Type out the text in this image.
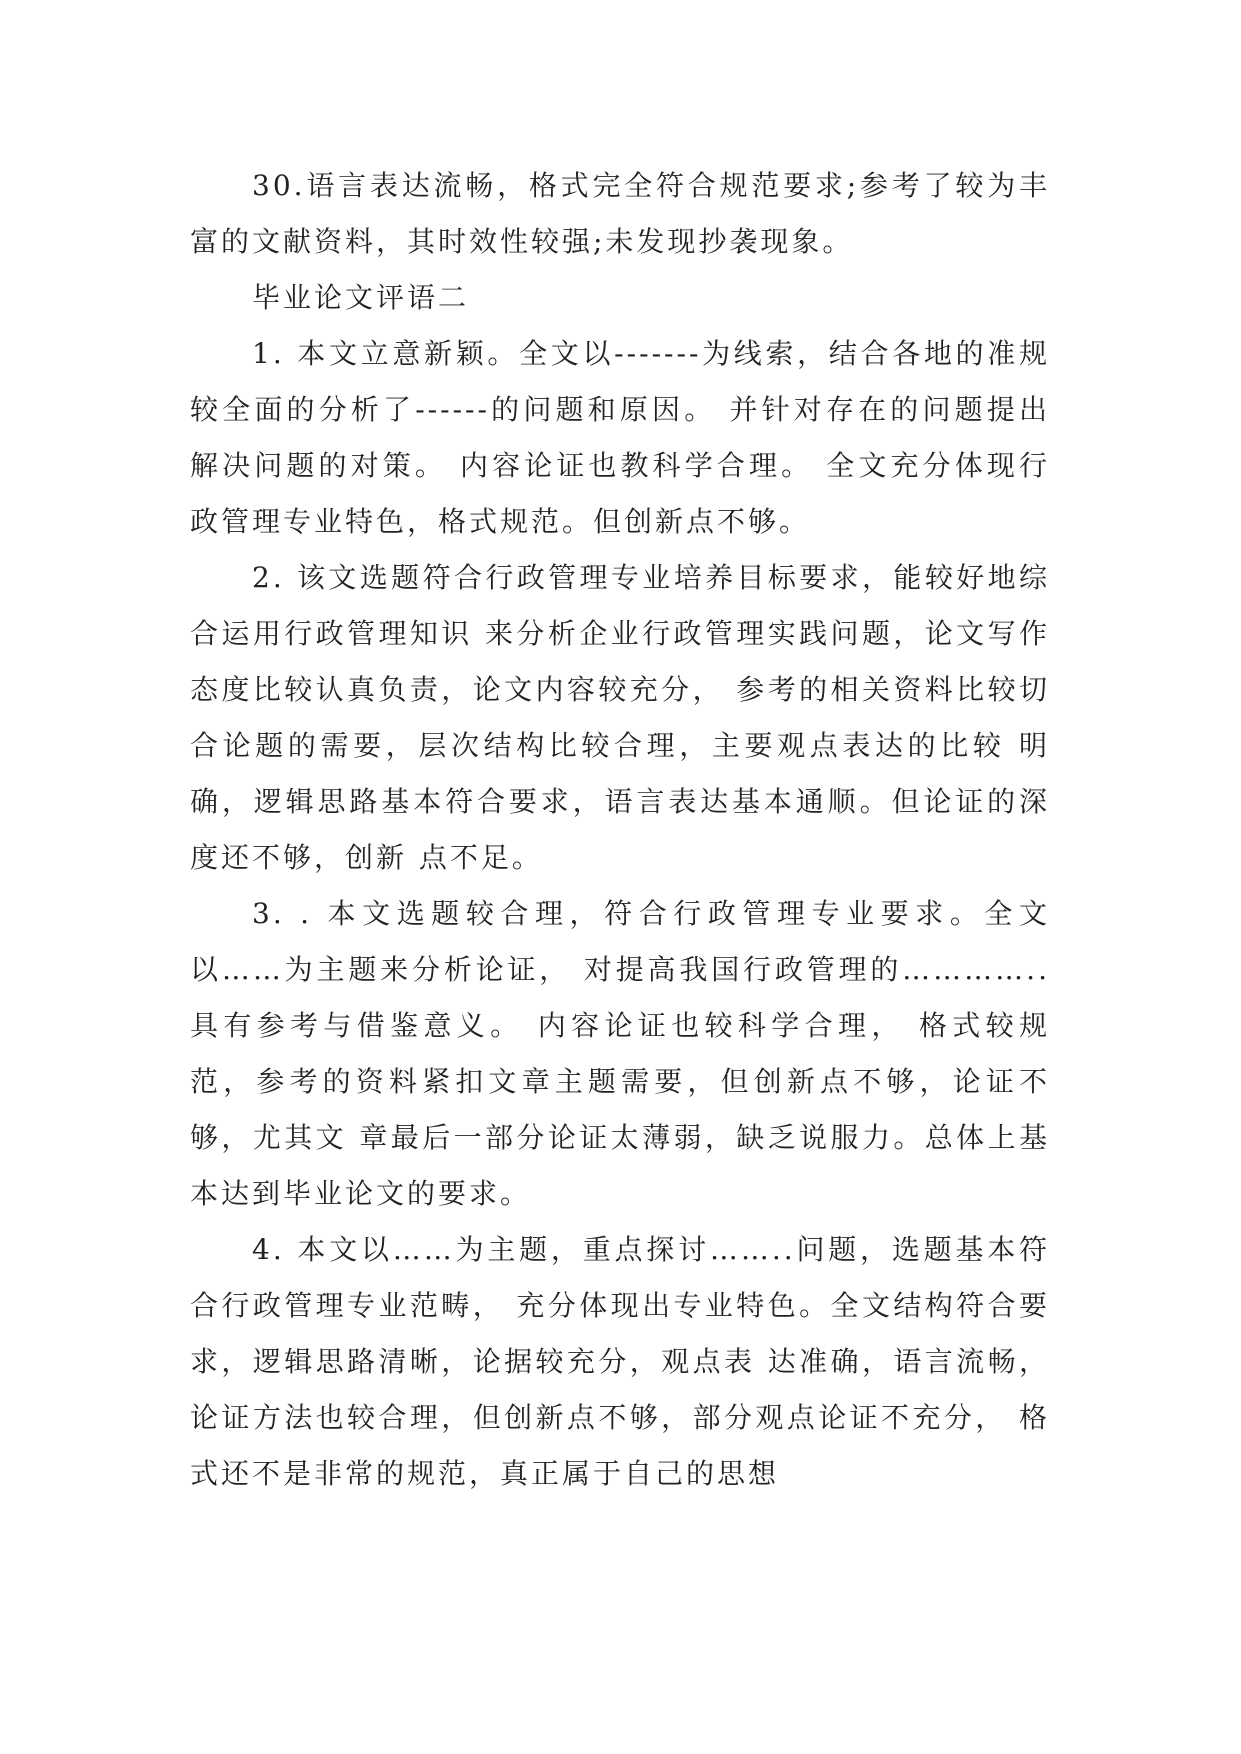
30.语言表达流畅，格式完全符合规范要求;参考了较为丰富的文献资料，其时效性较强;未发现抄袭现象。

毕业论文评语二

1. 本文立意新颖。全文以-------为线索，结合各地的准规较全面的分析了------的问题和原因。 并针对存在的问题提出解决问题的对策。 内容论证也教科学合理。 全文充分体现行政管理专业特色，格式规范。但创新点不够。

2. 该文选题符合行政管理专业培养目标要求，能较好地综合运用行政管理知识 来分析企业行政管理实践问题，论文写作态度比较认真负责，论文内容较充分， 参考的相关资料比较切合论题的需要，层次结构比较合理，主要观点表达的比较 明确，逻辑思路基本符合要求，语言表达基本通顺。但论证的深度还不够，创新 点不足。

3. . 本文选题较合理，符合行政管理专业要求。全文以……为主题来分析论证， 对提高我国行政管理的…………..具有参考与借鉴意义。 内容论证也较科学合理， 格式较规范，参考的资料紧扣文章主题需要，但创新点不够，论证不够，尤其文 章最后一部分论证太薄弱，缺乏说服力。总体上基本达到毕业论文的要求。

4. 本文以……为主题，重点探讨……..问题，选题基本符合行政管理专业范畴， 充分体现出专业特色。全文结构符合要求，逻辑思路清晰，论据较充分，观点表 达准确，语言流畅，论证方法也较合理，但创新点不够，部分观点论证不充分， 格式还不是非常的规范，真正属于自己的思想
